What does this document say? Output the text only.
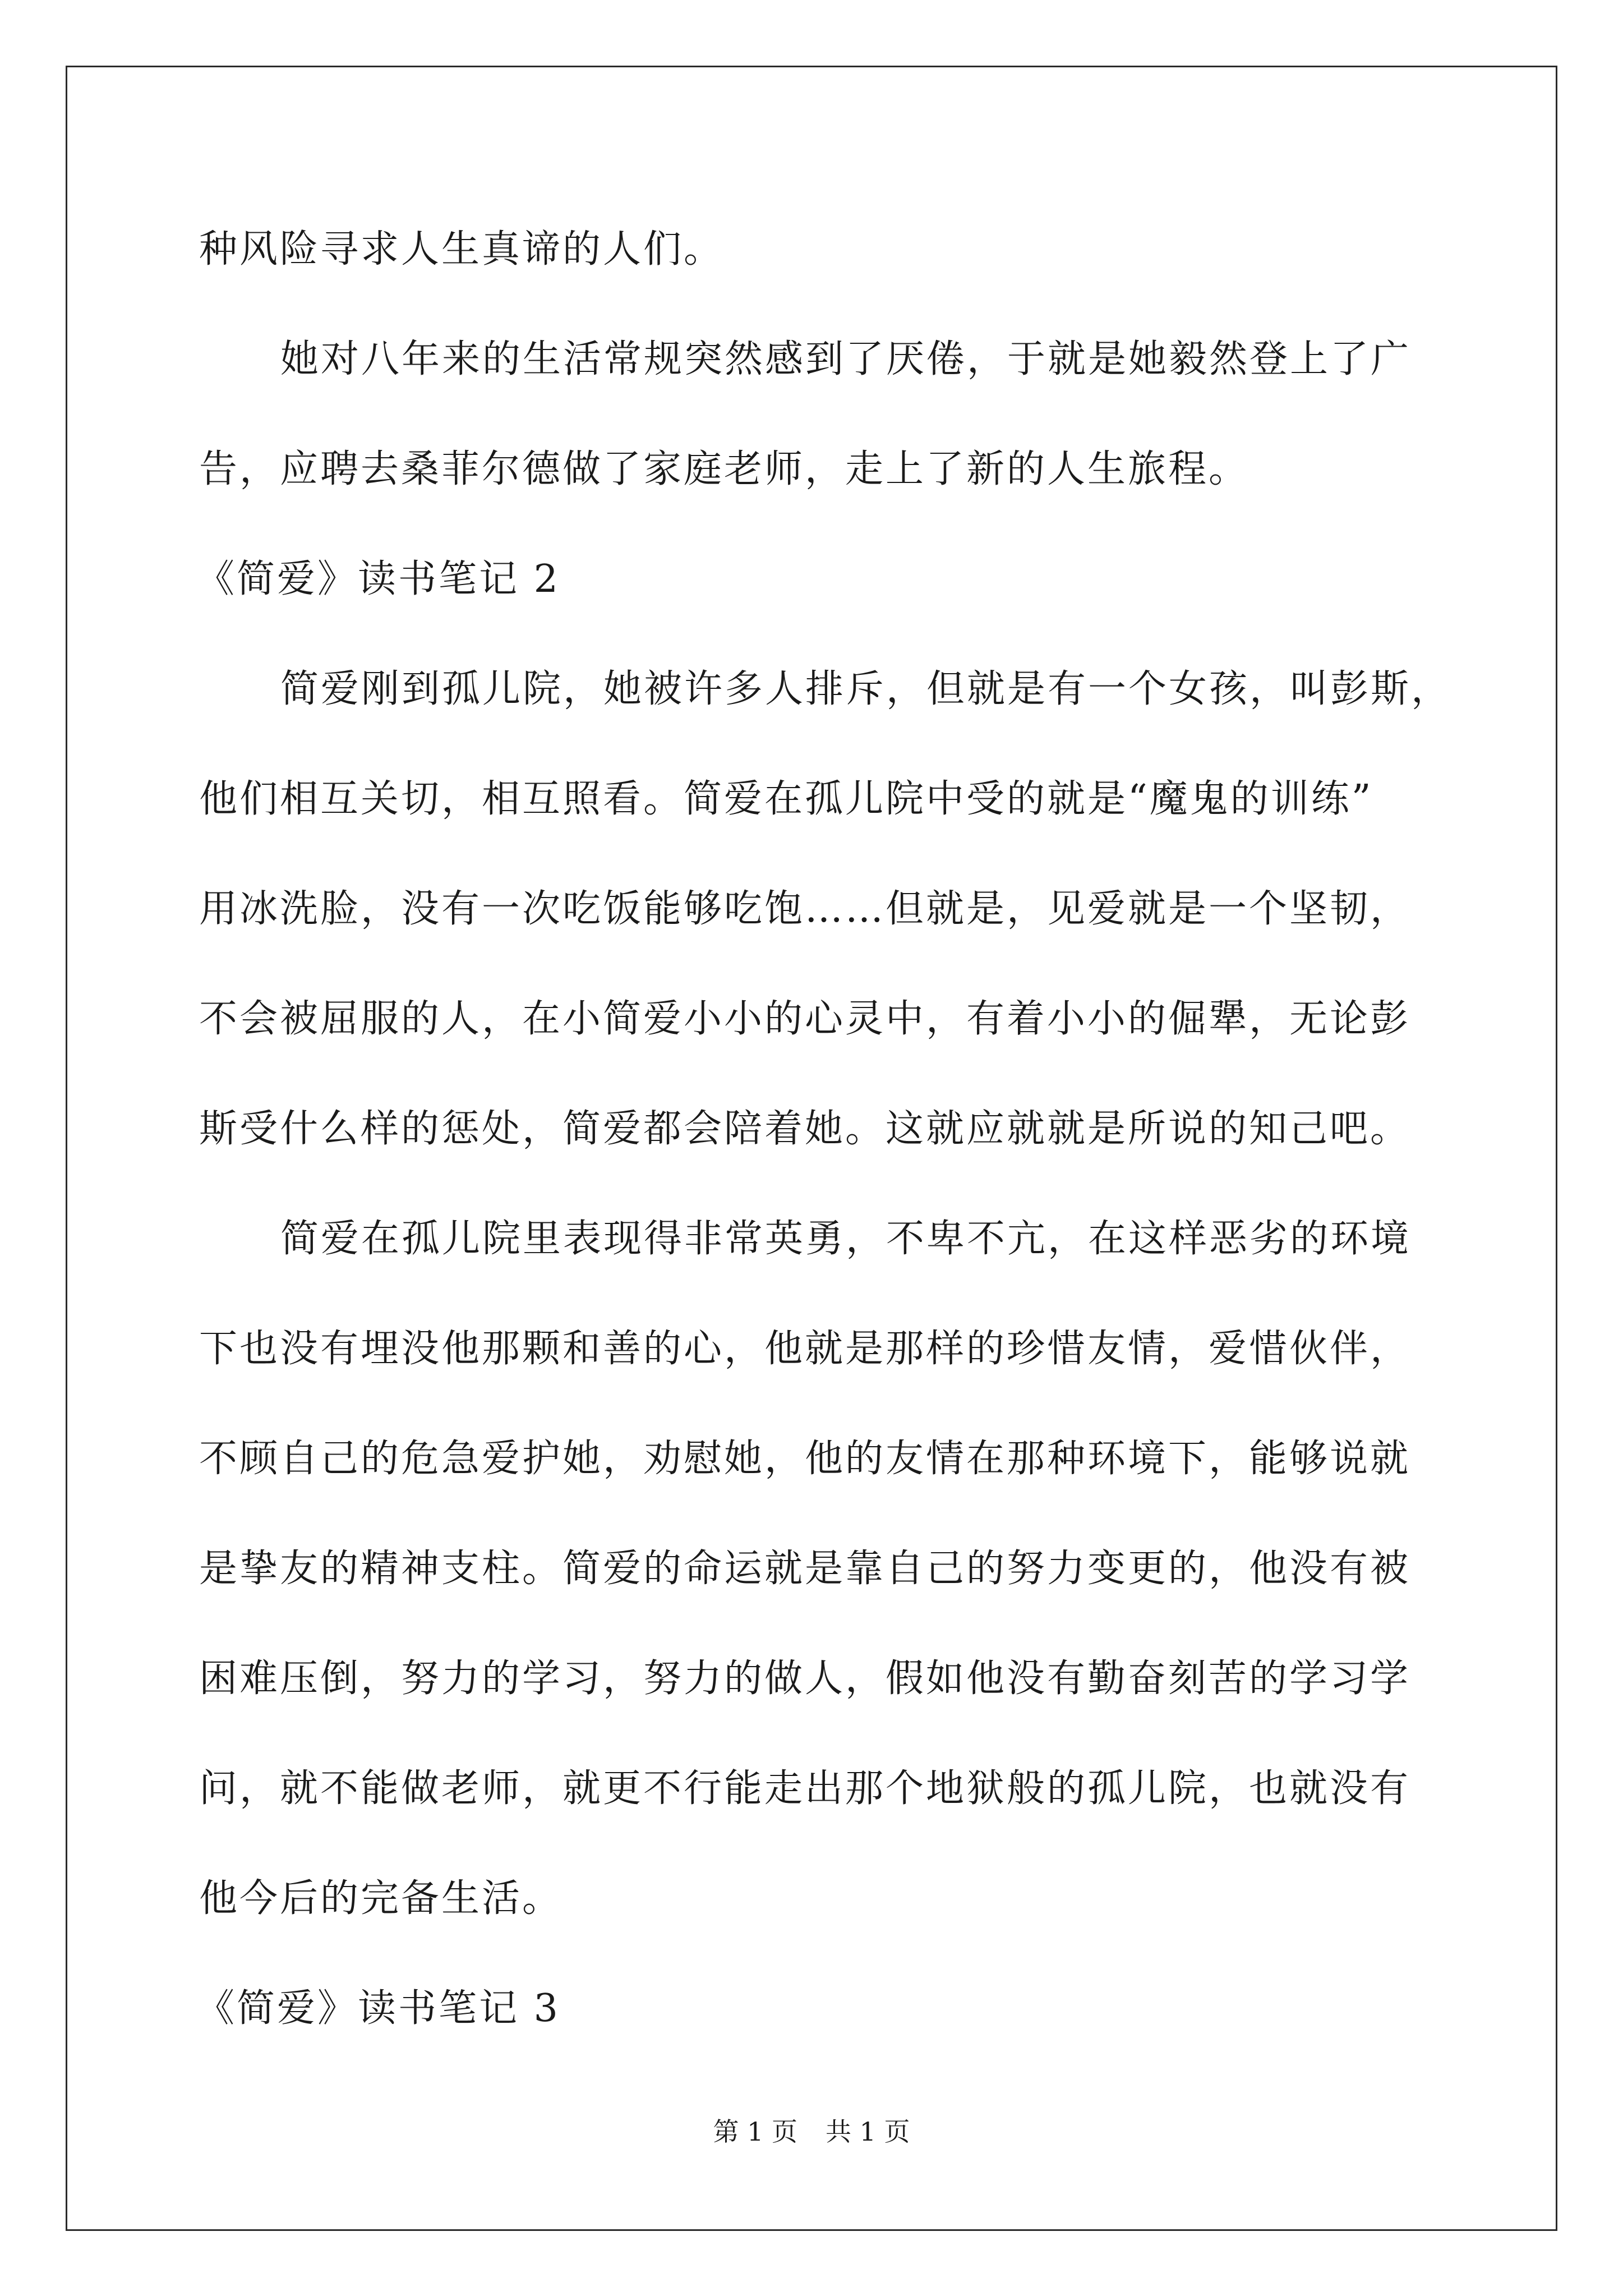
种风险寻求人生真谛的人们。
她对八年来的生活常规突然感到了厌倦，于就是她毅然登上了广
告，应聘去桑菲尔德做了家庭老师，走上了新的人生旅程。
《简爱》读书笔记 2
简爱刚到孤儿院，她被许多人排斥，但就是有一个女孩，叫彭斯，
他们相互关切，相互照看。简爱在孤儿院中受的就是“魔鬼的训练”
用冰洗脸，没有一次吃饭能够吃饱……但就是，见爱就是一个坚韧，
不会被屈服的人，在小简爱小小的心灵中，有着小小的倔犟，无论彭
斯受什么样的惩处，简爱都会陪着她。这就应就就是所说的知己吧。
简爱在孤儿院里表现得非常英勇，不卑不亢，在这样恶劣的环境
下也没有埋没他那颗和善的心，他就是那样的珍惜友情，爱惜伙伴，
不顾自己的危急爱护她，劝慰她，他的友情在那种环境下，能够说就
是挚友的精神支柱。简爱的命运就是靠自己的努力变更的，他没有被
困难压倒，努力的学习，努力的做人，假如他没有勤奋刻苦的学习学
问，就不能做老师，就更不行能走出那个地狱般的孤儿院，也就没有
他今后的完备生活。
《简爱》读书笔记 3
第 1 页 共 1 页
